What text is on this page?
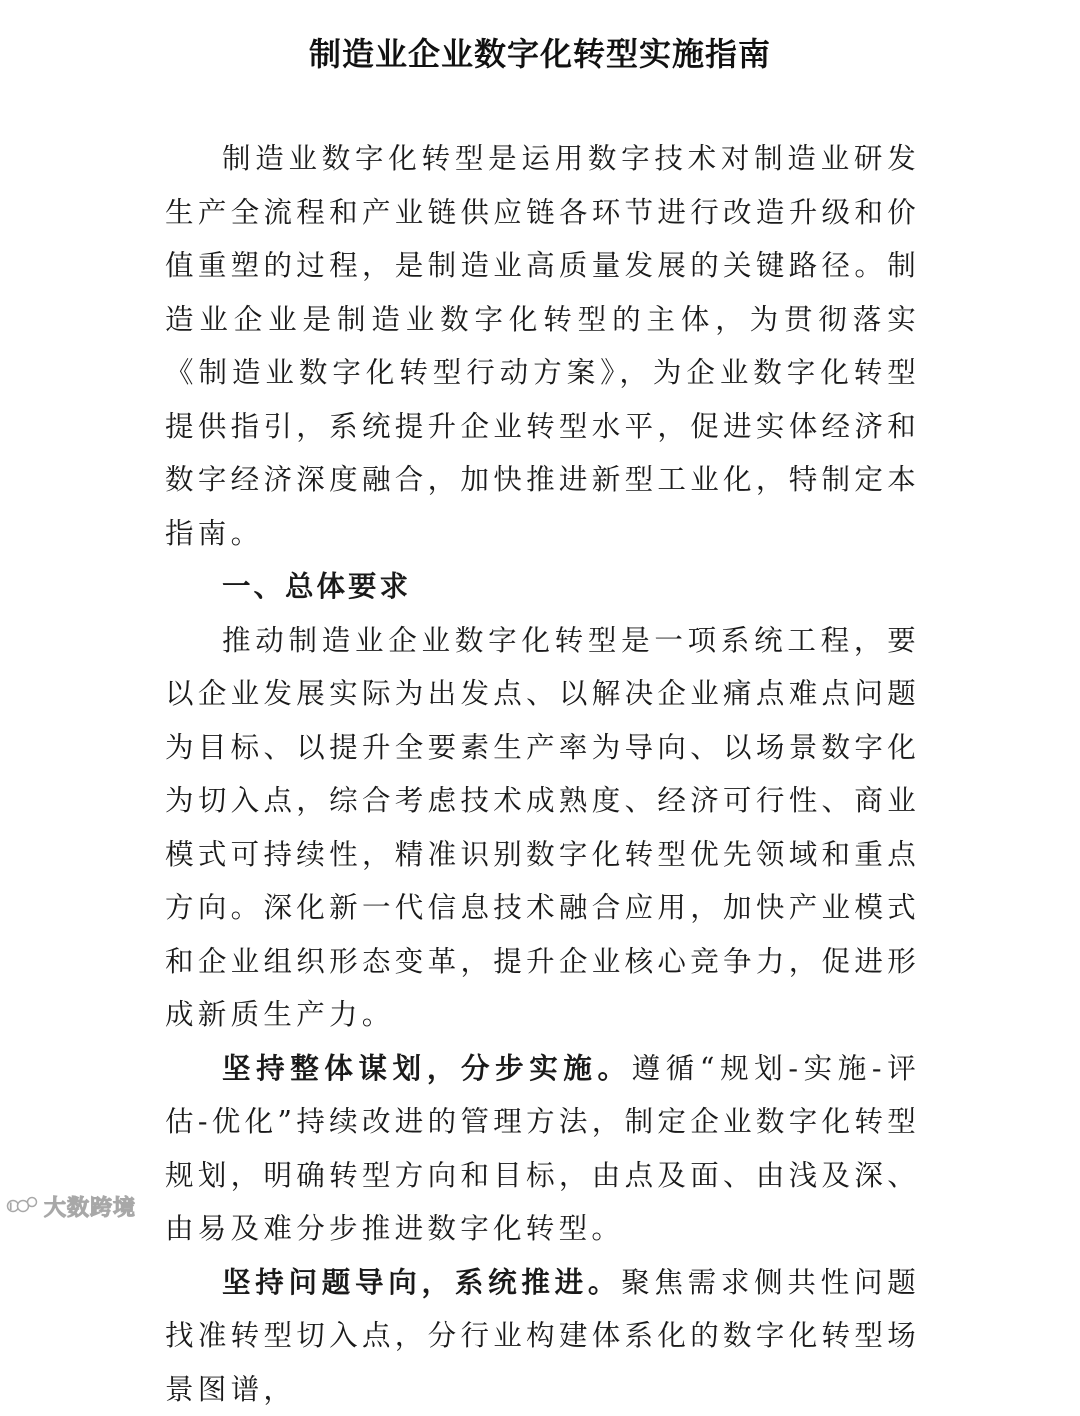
制造业企业数字化转型实施指南

制造业数字化转型是运用数字技术对制造业研发生产全流程和产业链供应链各环节进行改造升级和价值重塑的过程，是制造业高质量发展的关键路径。制造业企业是制造业数字化转型的主体，为贯彻落实《制造业数字化转型行动方案》，为企业数字化转型提供指引，系统提升企业转型水平，促进实体经济和数字经济深度融合，加快推进新型工业化，特制定本指南。

一、总体要求

推动制造业企业数字化转型是一项系统工程，要以企业发展实际为出发点、以解决企业痛点难点问题为目标、以提升全要素生产率为导向、以场景数字化为切入点，综合考虑技术成熟度、经济可行性、商业模式可持续性，精准识别数字化转型优先领域和重点方向。深化新一代信息技术融合应用，加快产业模式和企业组织形态变革，提升企业核心竞争力，促进形成新质生产力。

坚持整体谋划，分步实施。遵循“规划-实施-评估-优化”持续改进的管理方法，制定企业数字化转型规划，明确转型方向和目标，由点及面、由浅及深、由易及难分步推进数字化转型。

坚持问题导向，系统推进。聚焦需求侧共性问题找准转型切入点，分行业构建体系化的数字化转型场景图谱，

l 大数跨境
